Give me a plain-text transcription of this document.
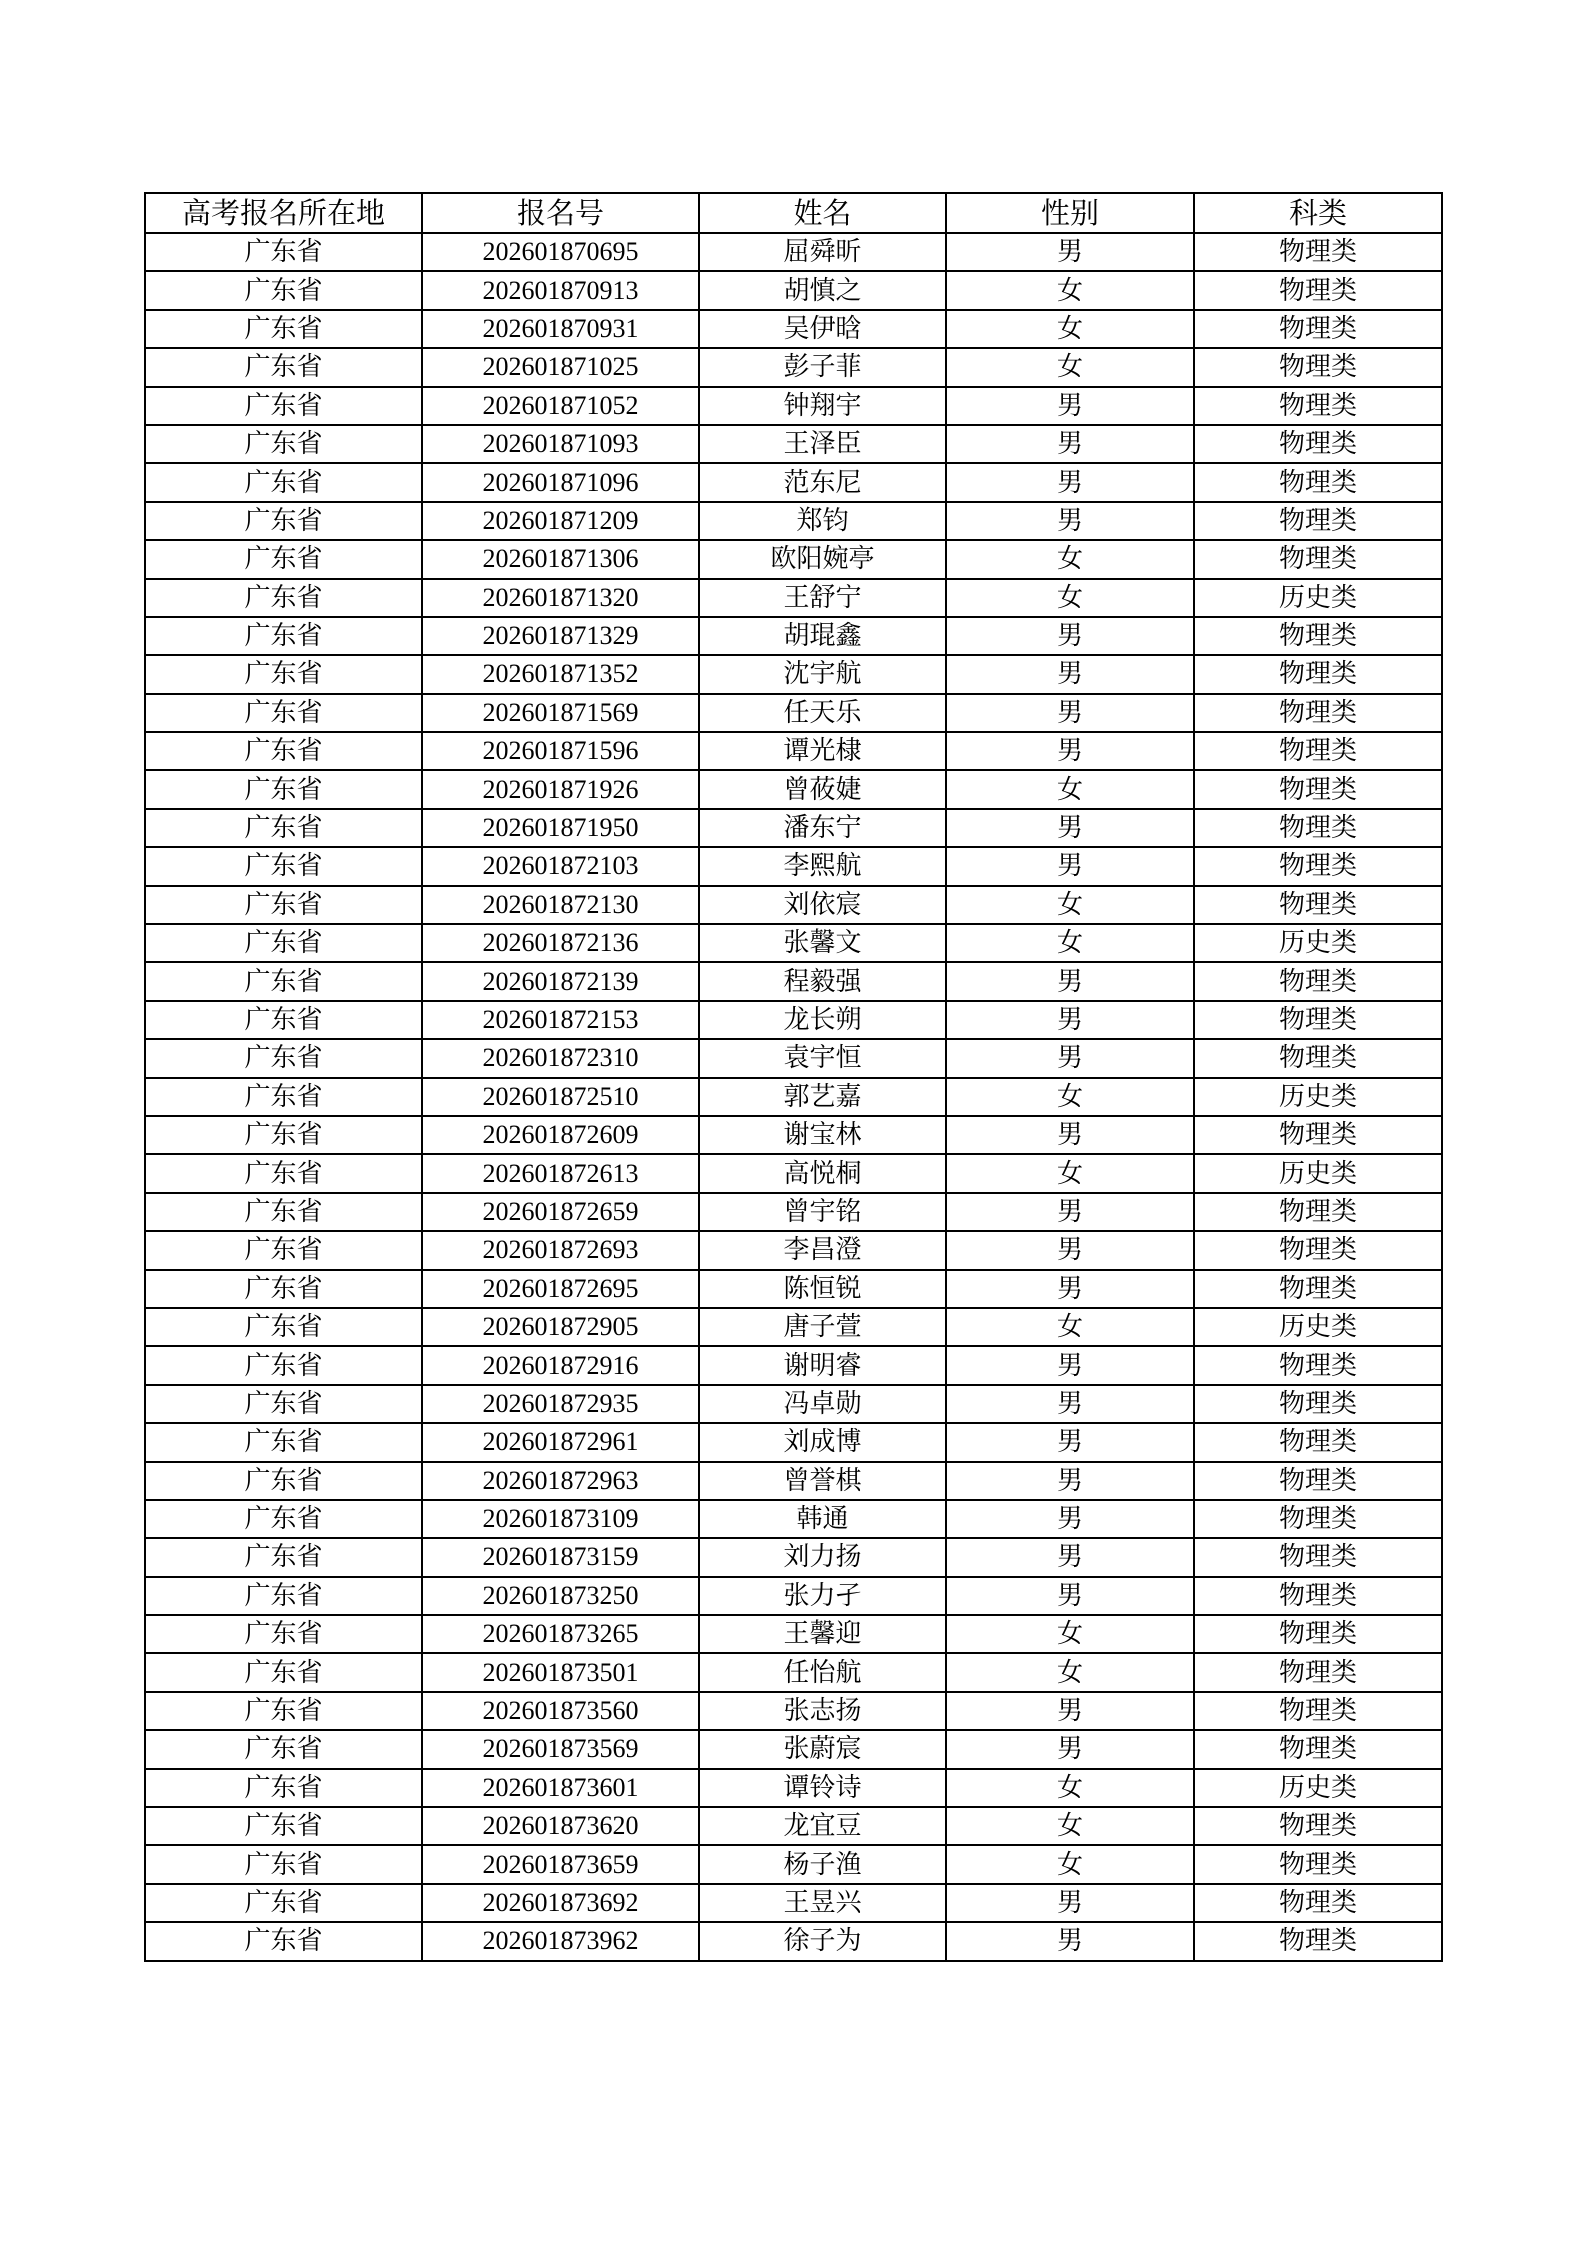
高考报名所在地	报名号	姓名	性别	科类
广东省	202601870695	屈舜昕	男	物理类
广东省	202601870913	胡慎之	女	物理类
广东省	202601870931	吴伊晗	女	物理类
广东省	202601871025	彭子菲	女	物理类
广东省	202601871052	钟翔宇	男	物理类
广东省	202601871093	王泽臣	男	物理类
广东省	202601871096	范东尼	男	物理类
广东省	202601871209	郑钧	男	物理类
广东省	202601871306	欧阳婉亭	女	物理类
广东省	202601871320	王舒宁	女	历史类
广东省	202601871329	胡琨鑫	男	物理类
广东省	202601871352	沈宇航	男	物理类
广东省	202601871569	任天乐	男	物理类
广东省	202601871596	谭光棣	男	物理类
广东省	202601871926	曾莜婕	女	物理类
广东省	202601871950	潘东宁	男	物理类
广东省	202601872103	李熙航	男	物理类
广东省	202601872130	刘依宸	女	物理类
广东省	202601872136	张馨文	女	历史类
广东省	202601872139	程毅强	男	物理类
广东省	202601872153	龙长朔	男	物理类
广东省	202601872310	袁宇恒	男	物理类
广东省	202601872510	郭艺嘉	女	历史类
广东省	202601872609	谢宝林	男	物理类
广东省	202601872613	高悦桐	女	历史类
广东省	202601872659	曾宇铭	男	物理类
广东省	202601872693	李昌澄	男	物理类
广东省	202601872695	陈恒锐	男	物理类
广东省	202601872905	唐子萱	女	历史类
广东省	202601872916	谢明睿	男	物理类
广东省	202601872935	冯卓勋	男	物理类
广东省	202601872961	刘成博	男	物理类
广东省	202601872963	曾誉棋	男	物理类
广东省	202601873109	韩通	男	物理类
广东省	202601873159	刘力扬	男	物理类
广东省	202601873250	张力孑	男	物理类
广东省	202601873265	王馨迎	女	物理类
广东省	202601873501	任怡航	女	物理类
广东省	202601873560	张志扬	男	物理类
广东省	202601873569	张蔚宸	男	物理类
广东省	202601873601	谭铃诗	女	历史类
广东省	202601873620	龙宜豆	女	物理类
广东省	202601873659	杨子渔	女	物理类
广东省	202601873692	王昱兴	男	物理类
广东省	202601873962	徐子为	男	物理类
